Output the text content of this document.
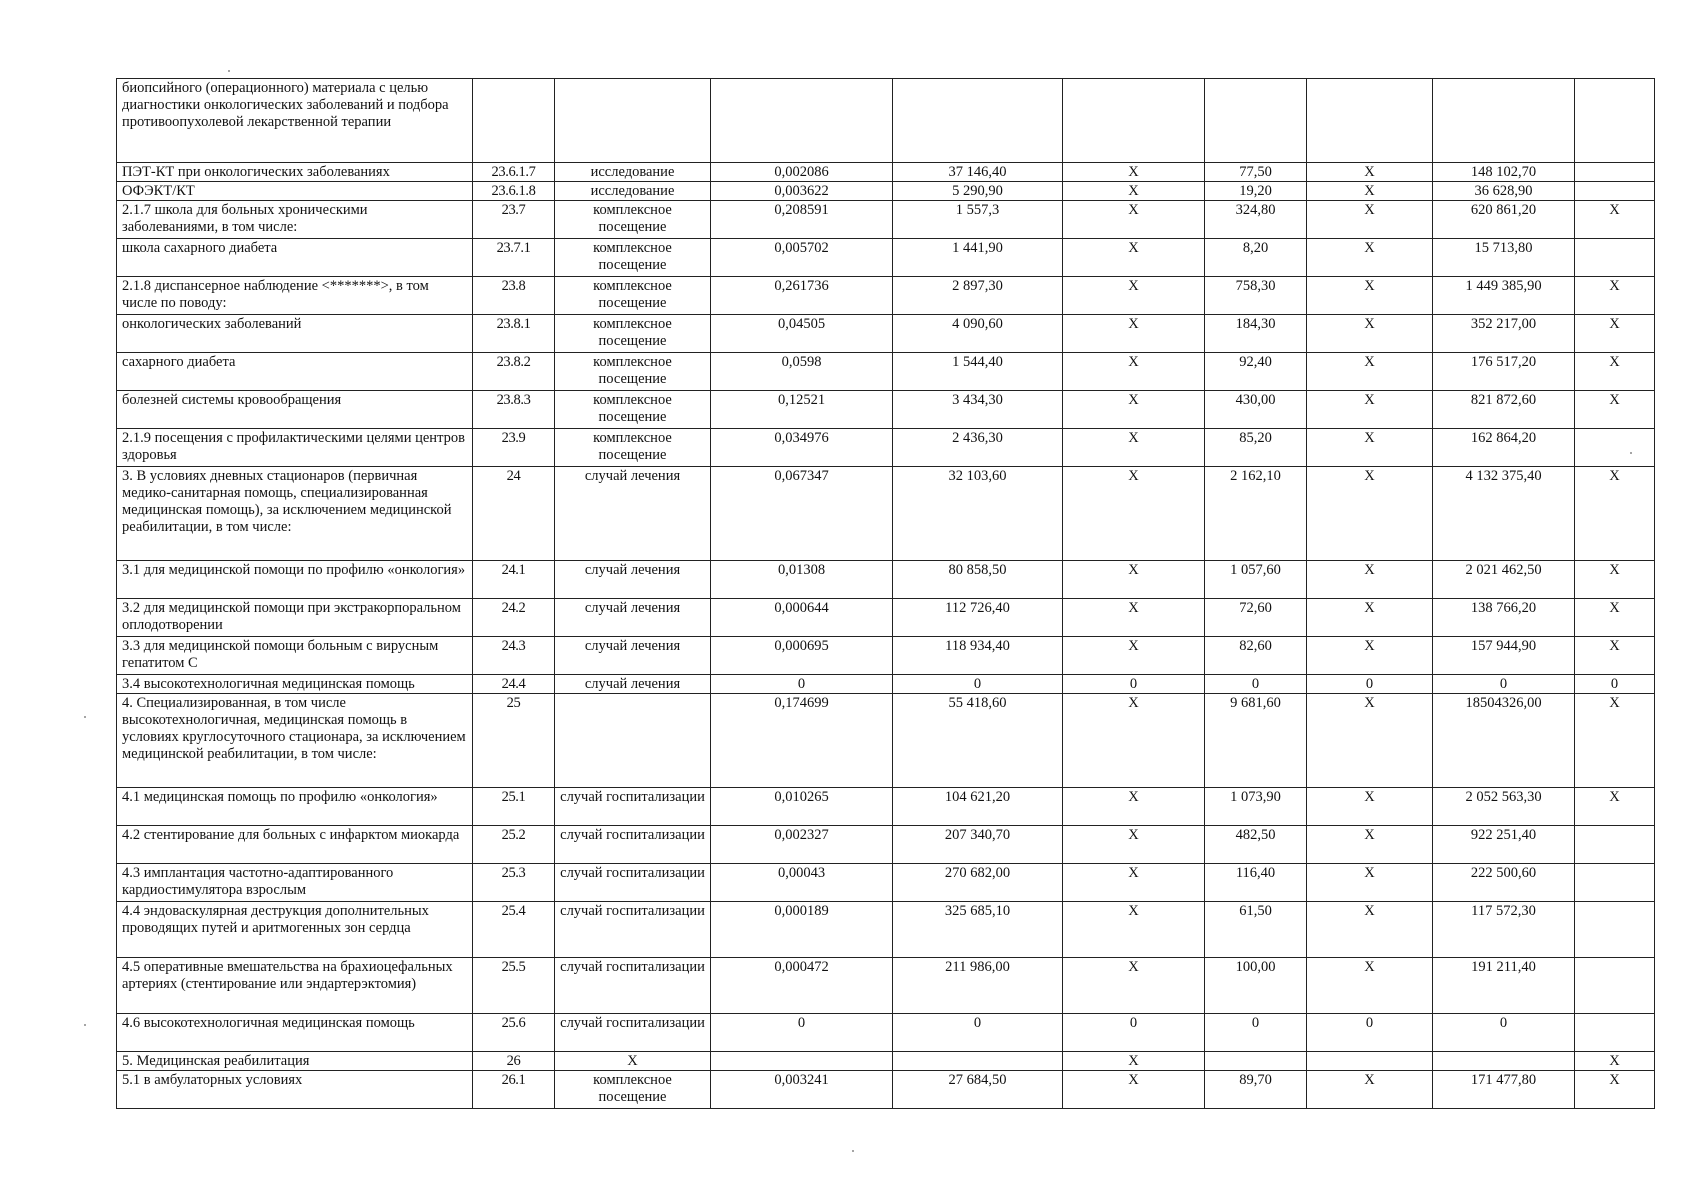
биопсийного (операционного) материала с целью диагностики онкологических заболеваний и подбора противоопухолевой лекарственной терапии									
ПЭТ-КТ при онкологических заболеваниях	23.6.1.7	исследование	0,002086	37 146,40	X	77,50	X	148 102,70	
ОФЭКТ/КТ	23.6.1.8	исследование	0,003622	5 290,90	X	19,20	X	36 628,90	
2.1.7 школа для больных хроническими заболеваниями, в том числе:	23.7	комплексное посещение	0,208591	1 557,3	X	324,80	X	620 861,20	X
школа сахарного диабета	23.7.1	комплексное посещение	0,005702	1 441,90	X	8,20	X	15 713,80	
2.1.8 диспансерное наблюдение <*******>, в том числе по поводу:	23.8	комплексное посещение	0,261736	2 897,30	X	758,30	X	1 449 385,90	X
онкологических заболеваний	23.8.1	комплексное посещение	0,04505	4 090,60	X	184,30	X	352 217,00	X
сахарного диабета	23.8.2	комплексное посещение	0,0598	1 544,40	X	92,40	X	176 517,20	X
болезней системы кровообращения	23.8.3	комплексное посещение	0,12521	3 434,30	X	430,00	X	821 872,60	X
2.1.9 посещения с профилактическими целями центров здоровья	23.9	комплексное посещение	0,034976	2 436,30	X	85,20	X	162 864,20	
3. В условиях дневных стационаров (первичная медико-санитарная помощь, специализированная медицинская помощь), за исключением медицинской реабилитации, в том числе:	24	случай лечения	0,067347	32 103,60	X	2 162,10	X	4 132 375,40	X
3.1 для медицинской помощи по профилю «онкология»	24.1	случай лечения	0,01308	80 858,50	X	1 057,60	X	2 021 462,50	X
3.2 для медицинской помощи при экстракорпоральном оплодотворении	24.2	случай лечения	0,000644	112 726,40	X	72,60	X	138 766,20	X
3.3 для медицинской помощи больным с вирусным гепатитом С	24.3	случай лечения	0,000695	118 934,40	X	82,60	X	157 944,90	X
3.4 высокотехнологичная медицинская помощь	24.4	случай лечения	0	0	0	0	0	0	0
4. Специализированная, в том числе высокотехнологичная, медицинская помощь в условиях круглосуточного стационара, за исключением медицинской реабилитации, в том числе:	25		0,174699	55 418,60	X	9 681,60	X	18504326,00	X
4.1 медицинская помощь по профилю «онкология»	25.1	случай госпитализации	0,010265	104 621,20	X	1 073,90	X	2 052 563,30	X
4.2 стентирование для больных с инфарктом миокарда	25.2	случай госпитализации	0,002327	207 340,70	X	482,50	X	922 251,40	
4.3 имплантация частотно-адаптированного кардиостимулятора взрослым	25.3	случай госпитализации	0,00043	270 682,00	X	116,40	X	222 500,60	
4.4 эндоваскулярная деструкция дополнительных проводящих путей и аритмогенных зон сердца	25.4	случай госпитализации	0,000189	325 685,10	X	61,50	X	117 572,30	
4.5 оперативные вмешательства на брахиоцефальных артериях (стентирование или эндартерэктомия)	25.5	случай госпитализации	0,000472	211 986,00	X	100,00	X	191 211,40	
4.6 высокотехнологичная медицинская помощь	25.6	случай госпитализации	0	0	0	0	0	0	
5. Медицинская реабилитация	26	X			X				X
5.1 в амбулаторных условиях	26.1	комплексное посещение	0,003241	27 684,50	X	89,70	X	171 477,80	X
